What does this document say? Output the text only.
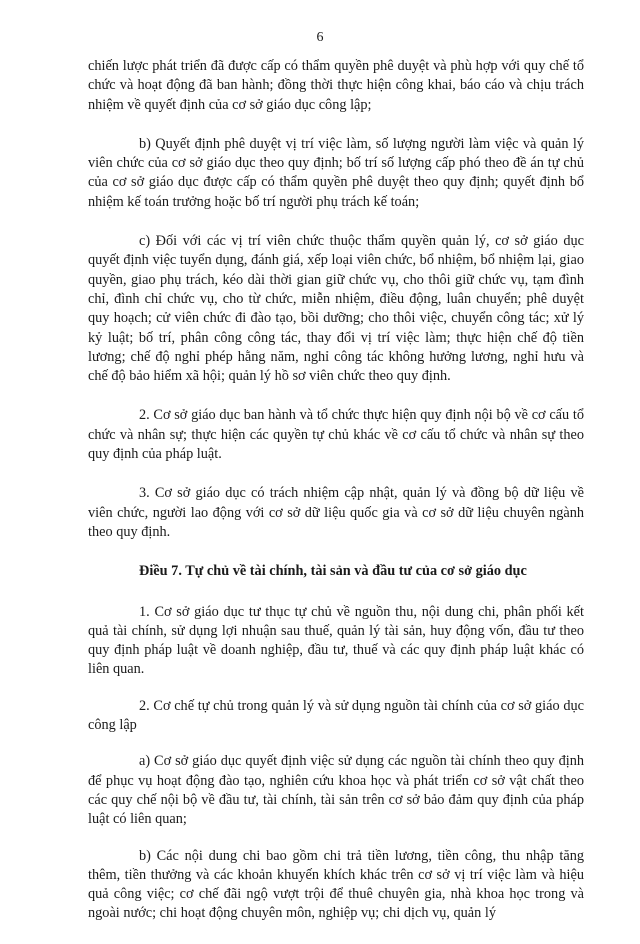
6

chiến lược phát triển đã được cấp có thẩm quyền phê duyệt và phù hợp với quy chế tổ chức và hoạt động đã ban hành; đồng thời thực hiện công khai, báo cáo và chịu trách nhiệm về quyết định của cơ sở giáo dục công lập;

b) Quyết định phê duyệt vị trí việc làm, số lượng người làm việc và quản lý viên chức của cơ sở giáo dục theo quy định; bố trí số lượng cấp phó theo đề án tự chủ của cơ sở giáo dục được cấp có thẩm quyền phê duyệt theo quy định; quyết định bổ nhiệm kế toán trưởng hoặc bố trí người phụ trách kế toán;

c) Đối với các vị trí viên chức thuộc thẩm quyền quản lý, cơ sở giáo dục quyết định việc tuyển dụng, đánh giá, xếp loại viên chức, bổ nhiệm, bổ nhiệm lại, giao quyền, giao phụ trách, kéo dài thời gian giữ chức vụ, cho thôi giữ chức vụ, tạm đình chỉ, đình chỉ chức vụ, cho từ chức, miễn nhiệm, điều động, luân chuyển; phê duyệt quy hoạch; cử viên chức đi đào tạo, bồi dưỡng; cho thôi việc, chuyển công tác; xử lý kỷ luật; bố trí, phân công công tác, thay đổi vị trí việc làm; thực hiện chế độ tiền lương; chế độ nghỉ phép hằng năm, nghỉ công tác không hưởng lương, nghỉ hưu và chế độ bảo hiểm xã hội; quản lý hồ sơ viên chức theo quy định.

2. Cơ sở giáo dục ban hành và tổ chức thực hiện quy định nội bộ về cơ cấu tổ chức và nhân sự; thực hiện các quyền tự chủ khác về cơ cấu tổ chức và nhân sự theo quy định của pháp luật.

3. Cơ sở giáo dục có trách nhiệm cập nhật, quản lý và đồng bộ dữ liệu về viên chức, người lao động với cơ sở dữ liệu quốc gia và cơ sở dữ liệu chuyên ngành theo quy định.

Điều 7. Tự chủ về tài chính, tài sản và đầu tư của cơ sở giáo dục

1. Cơ sở giáo dục tư thục tự chủ về nguồn thu, nội dung chi, phân phối kết quả tài chính, sử dụng lợi nhuận sau thuế, quản lý tài sản, huy động vốn, đầu tư theo quy định pháp luật về doanh nghiệp, đầu tư, thuế và các quy định pháp luật khác có liên quan.

2. Cơ chế tự chủ trong quản lý và sử dụng nguồn tài chính của cơ sở giáo dục công lập

a) Cơ sở giáo dục quyết định việc sử dụng các nguồn tài chính theo quy định để phục vụ hoạt động đào tạo, nghiên cứu khoa học và phát triển cơ sở vật chất theo các quy chế nội bộ về đầu tư, tài chính, tài sản trên cơ sở bảo đảm quy định của pháp luật có liên quan;

b) Các nội dung chi bao gồm chi trả tiền lương, tiền công, thu nhập tăng thêm, tiền thưởng và các khoản khuyến khích khác trên cơ sở vị trí việc làm và hiệu quả công việc; cơ chế đãi ngộ vượt trội để thuê chuyên gia, nhà khoa học trong và ngoài nước; chi hoạt động chuyên môn, nghiệp vụ; chi dịch vụ, quản lý
